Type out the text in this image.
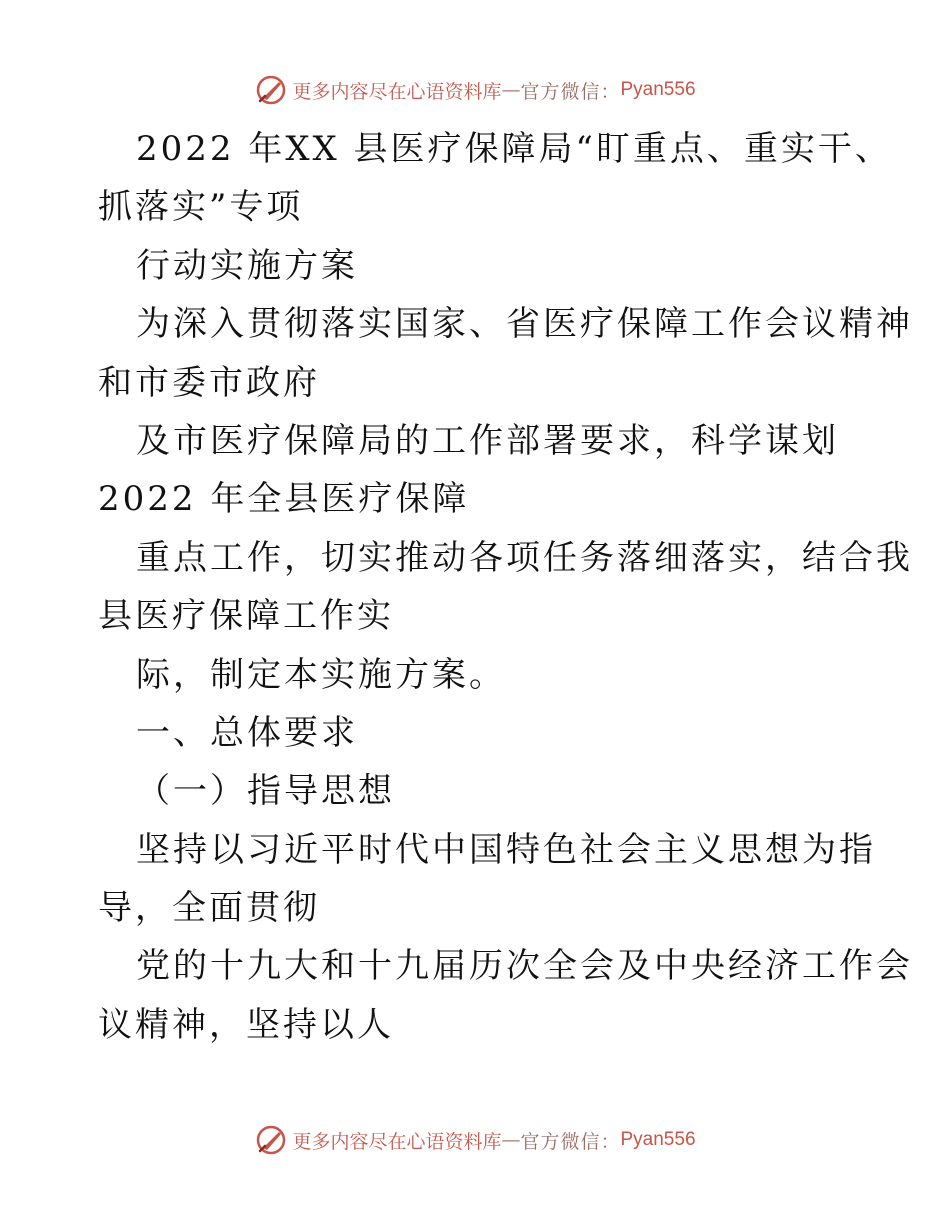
更多内容尽在心语资料库 — 官方微信： Pyan556
2022 年XX 县医疗保障局“盯重点、重实干、
抓落实”专项
行动实施方案
为深入贯彻落实国家、省医疗保障工作会议精神
和市委市政府
及市医疗保障局的工作部署要求，科学谋划
2022 年全县医疗保障
重点工作，切实推动各项任务落细落实，结合我
县医疗保障工作实
际，制定本实施方案。
一、总体要求
（一）指导思想
坚持以习近平时代中国特色社会主义思想为指
导，全面贯彻
党的十九大和十九届历次全会及中央经济工作会
议精神，坚持以人
更多内容尽在心语资料库 — 官方微信： Pyan556
